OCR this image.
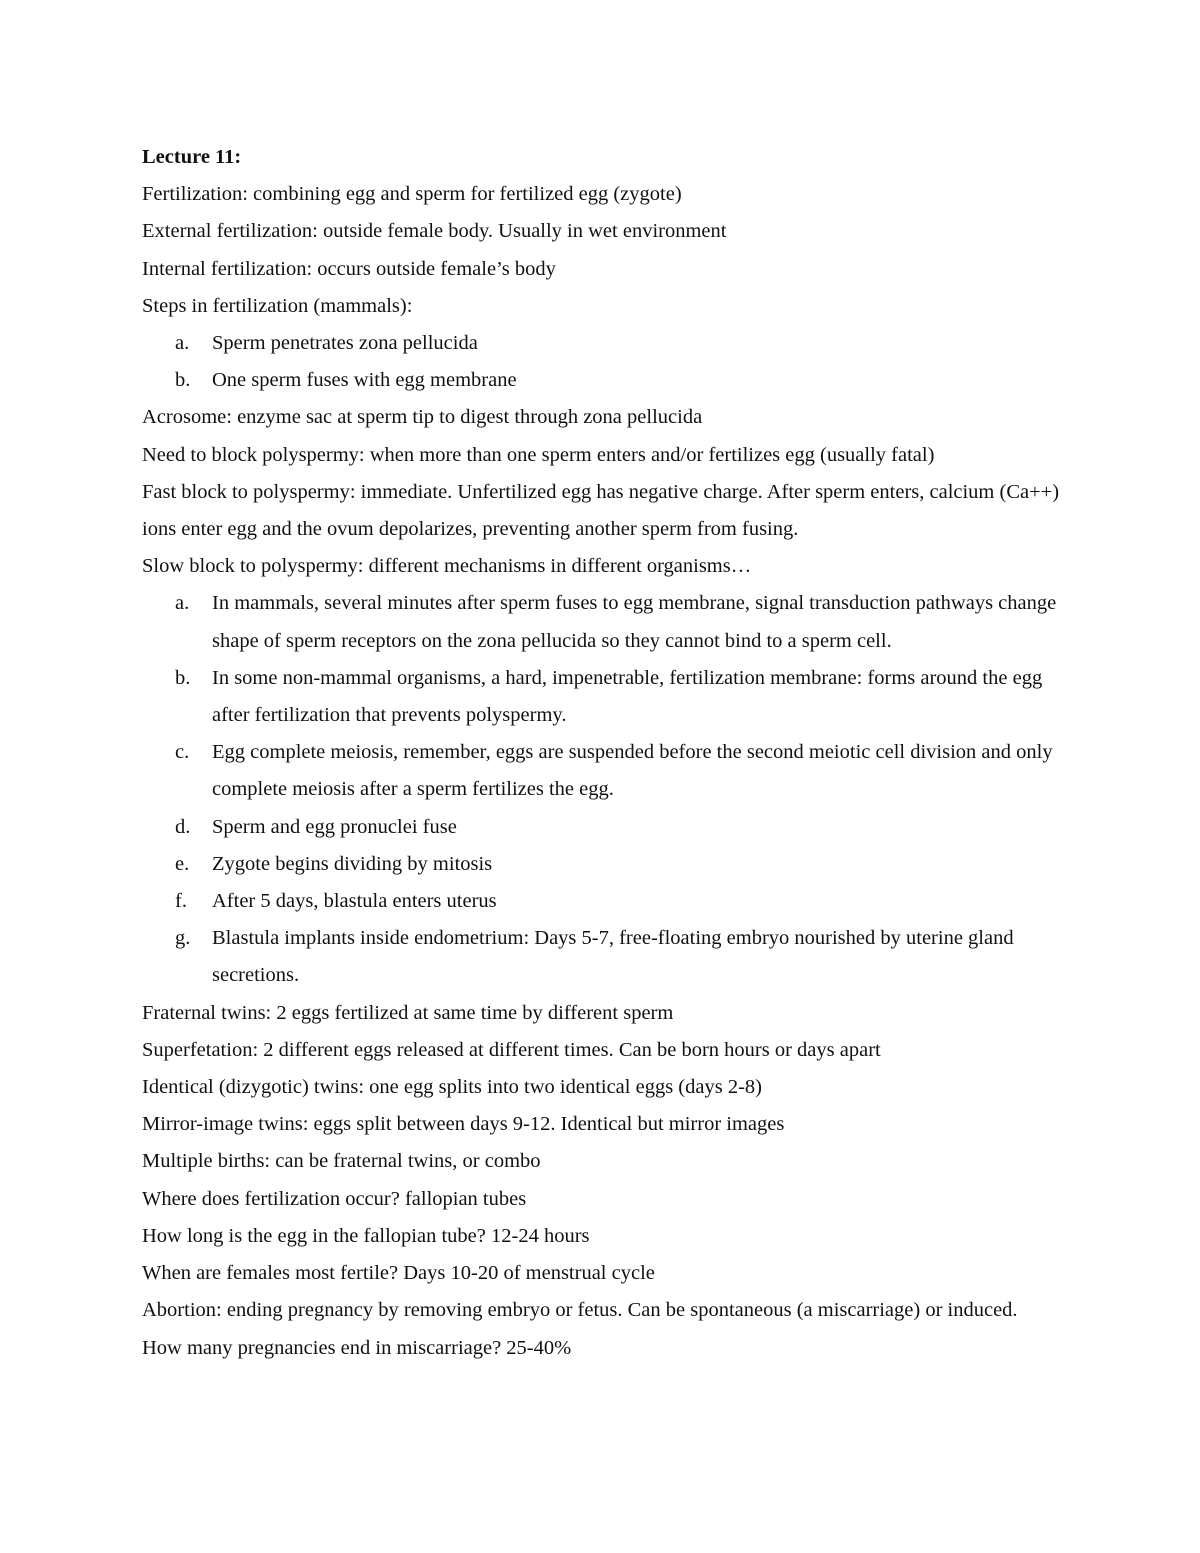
Lecture 11:

Fertilization: combining egg and sperm for fertilized egg (zygote)

External fertilization: outside female body. Usually in wet environment

Internal fertilization: occurs outside female’s body

Steps in fertilization (mammals):

a. Sperm penetrates zona pellucida
b. One sperm fuses with egg membrane

Acrosome: enzyme sac at sperm tip to digest through zona pellucida

Need to block polyspermy: when more than one sperm enters and/or fertilizes egg (usually fatal)

Fast block to polyspermy: immediate. Unfertilized egg has negative charge. After sperm enters, calcium (Ca++) ions enter egg and the ovum depolarizes, preventing another sperm from fusing.

Slow block to polyspermy: different mechanisms in different organisms…

a. In mammals, several minutes after sperm fuses to egg membrane, signal transduction pathways change shape of sperm receptors on the zona pellucida so they cannot bind to a sperm cell.
b. In some non-mammal organisms, a hard, impenetrable, fertilization membrane: forms around the egg after fertilization that prevents polyspermy.
c. Egg complete meiosis, remember, eggs are suspended before the second meiotic cell division and only complete meiosis after a sperm fertilizes the egg.
d. Sperm and egg pronuclei fuse
e. Zygote begins dividing by mitosis
f. After 5 days, blastula enters uterus
g. Blastula implants inside endometrium: Days 5-7, free-floating embryo nourished by uterine gland secretions.

Fraternal twins: 2 eggs fertilized at same time by different sperm

Superfetation: 2 different eggs released at different times. Can be born hours or days apart

Identical (dizygotic) twins: one egg splits into two identical eggs (days 2-8)

Mirror-image twins: eggs split between days 9-12. Identical but mirror images

Multiple births: can be fraternal twins, or combo

Where does fertilization occur? fallopian tubes

How long is the egg in the fallopian tube? 12-24 hours

When are females most fertile? Days 10-20 of menstrual cycle

Abortion: ending pregnancy by removing embryo or fetus. Can be spontaneous (a miscarriage) or induced.

How many pregnancies end in miscarriage? 25-40%
